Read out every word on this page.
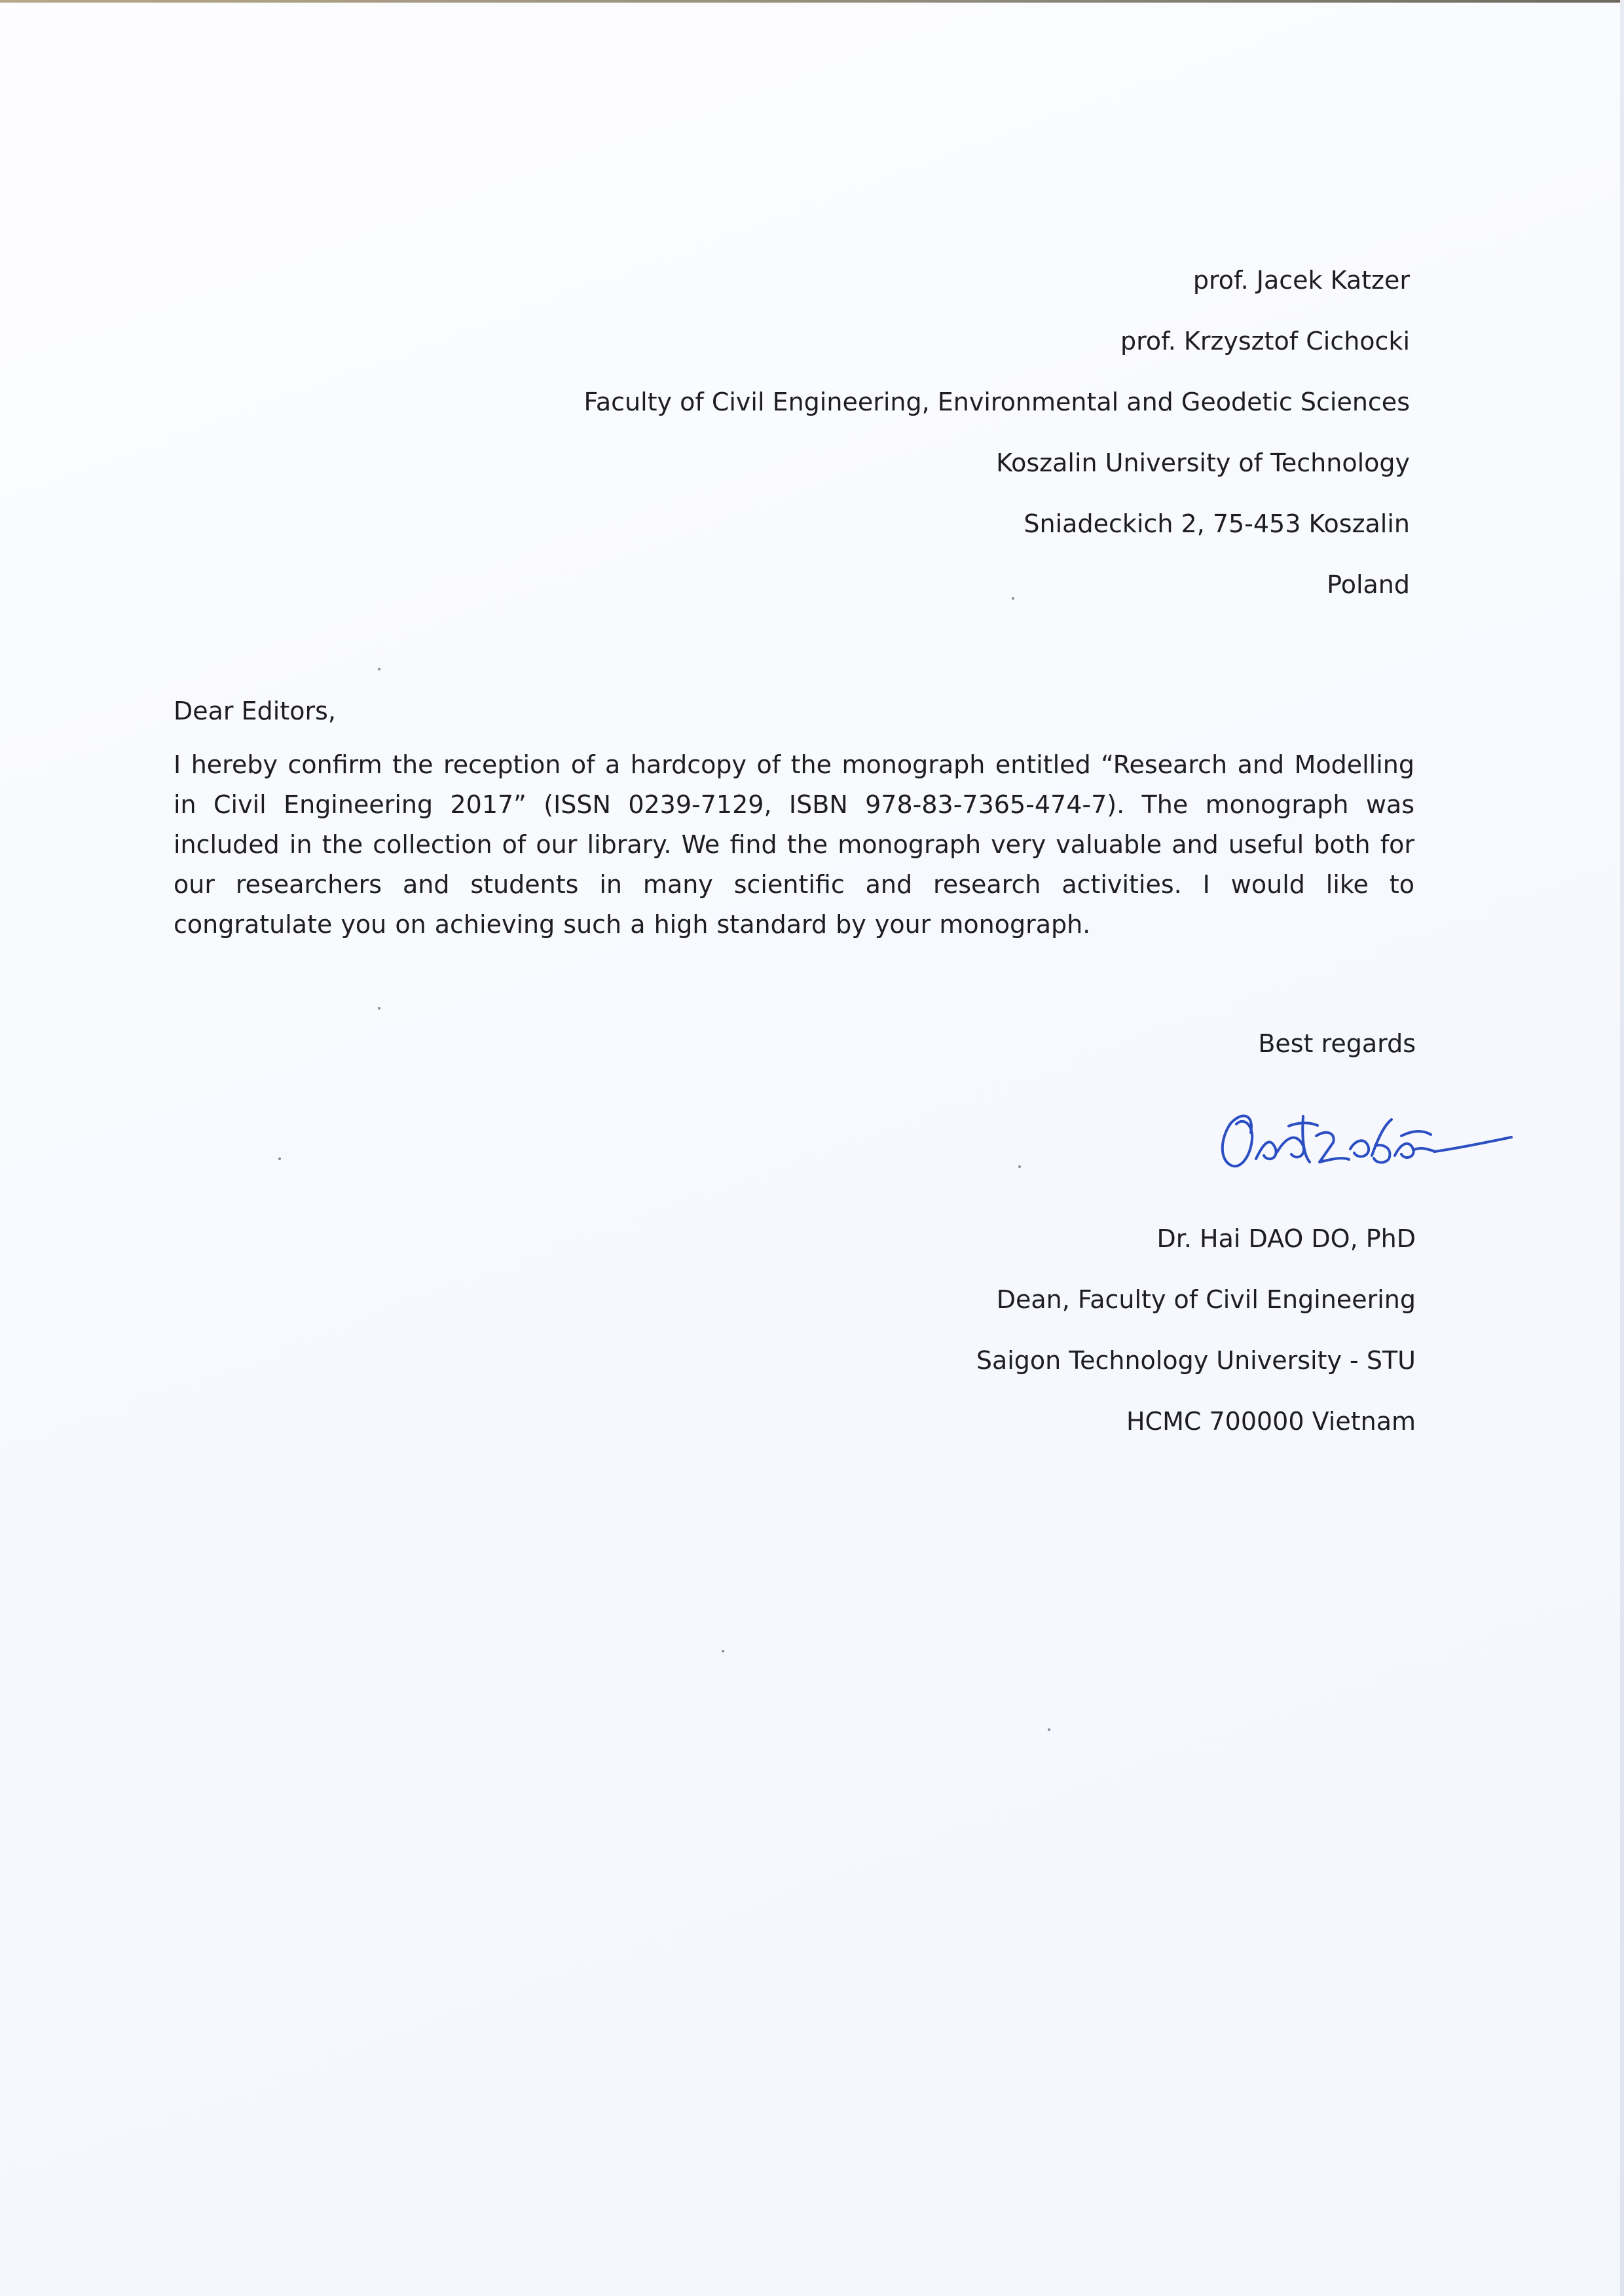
prof. Jacek Katzer
prof. Krzysztof Cichocki
Faculty of Civil Engineering, Environmental and Geodetic Sciences
Koszalin University of Technology
Sniadeckich 2, 75-453 Koszalin
Poland
Dear Editors,
I hereby confirm the reception of a hardcopy of the monograph entitled “Research and Modelling in Civil Engineering 2017” (ISSN 0239-7129, ISBN 978-83-7365-474-7). The monograph was included in the collection of our library. We find the monograph very valuable and useful both for our researchers and students in many scientific and research activities. I would like to congratulate you on achieving such a high standard by your monograph.
Best regards
Dr. Hai DAO DO, PhD
Dean, Faculty of Civil Engineering
Saigon Technology University - STU
HCMC 700000 Vietnam
